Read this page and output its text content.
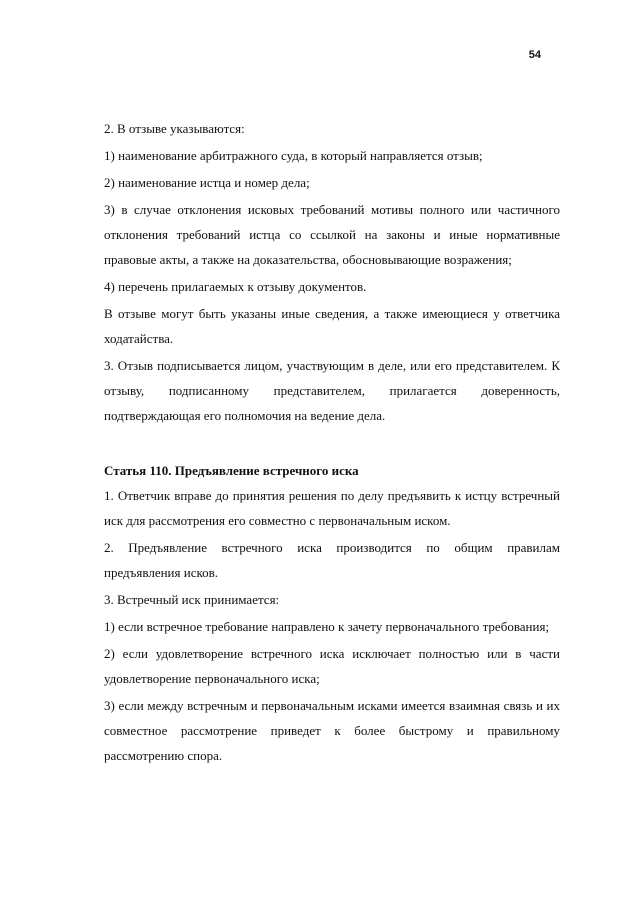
54

2. В отзыве указываются:

1) наименование арбитражного суда, в который направляется отзыв;

2) наименование истца и номер дела;

3) в случае отклонения исковых требований мотивы полного или частичного отклонения требований истца со ссылкой на законы и иные нормативные правовые акты, а также на доказательства, обосновывающие возражения;

4) перечень прилагаемых к отзыву документов.

В отзыве могут быть указаны иные сведения, а также имеющиеся у ответчика ходатайства.

3. Отзыв подписывается лицом, участвующим в деле, или его представителем. К отзыву, подписанному представителем, прилагается доверенность, подтверждающая его полномочия на ведение дела.

Статья 110. Предъявление встречного иска

1. Ответчик вправе до принятия решения по делу предъявить к истцу встречный иск для рассмотрения его совместно с первоначальным иском.

2. Предъявление встречного иска производится по общим правилам предъявления исков.

3. Встречный иск принимается:

1) если встречное требование направлено к зачету первоначального требования;

2) если удовлетворение встречного иска исключает полностью или в части удовлетворение первоначального иска;

3) если между встречным и первоначальным исками имеется взаимная связь и их совместное рассмотрение приведет к более быстрому и правильному рассмотрению спора.
